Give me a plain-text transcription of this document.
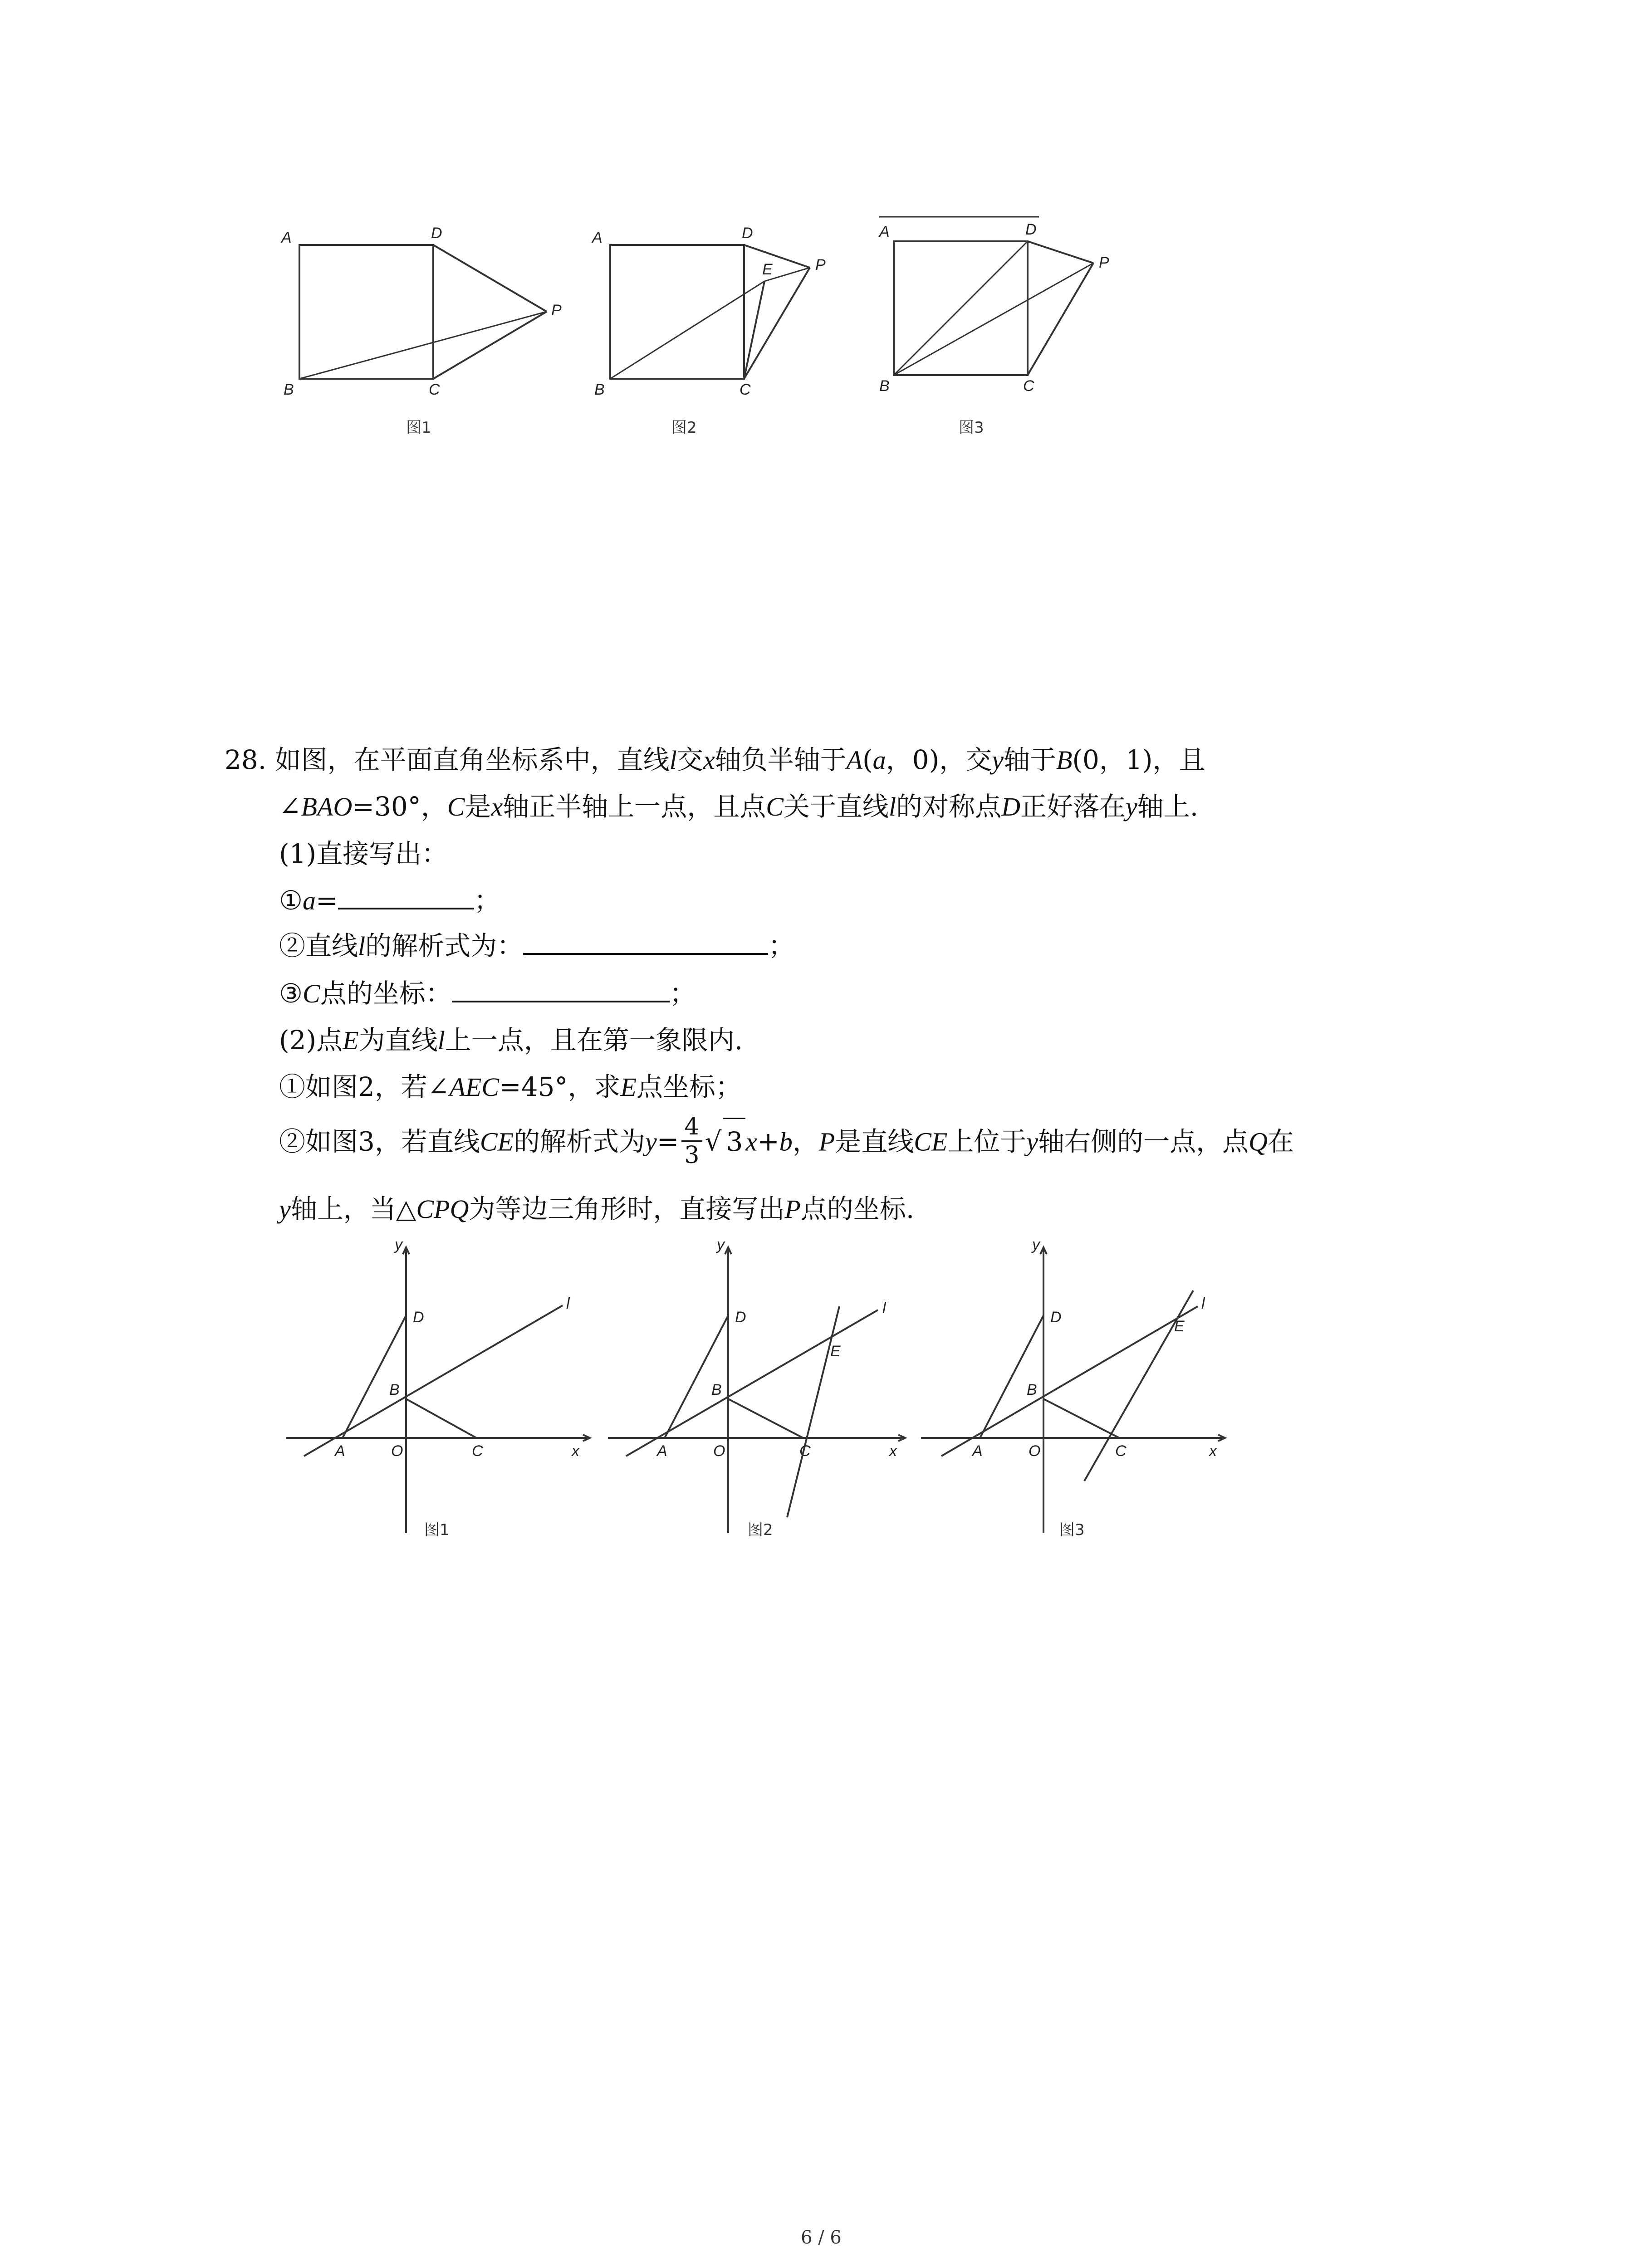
A	D
B	C
P
图1
A	D
E	P
B	C
图2
A	D
P
B	C
图3
28. 如图，在平面直角坐标系中，直线l交x轴负半轴于A(a，0)，交y轴于B(0，1)，且
∠BAO=30°，C是x轴正半轴上一点，且点C关于直线l的对称点D正好落在y轴上.
(1)直接写出：
①a=	；
②直线l的解析式为：	；
③C点的坐标：	；
(2)点E为直线l上一点，且在第一象限内.
①如图2，若∠AEC=45°，求E点坐标；
②如图3，若直线CE的解析式为$y= \frac{4}{3}$ √ 3 x+b，P是直线CE上位于y轴右侧的一点，点Q在
y轴上，当△CPQ为等边三角形时，直接写出P点的坐标.
y
x
D
B
A	O	C
l
图1
y
x
D
B
E
A	O	C
l
图2
y
x
D
B
E
A	O	C
l
图3
6 / 6
